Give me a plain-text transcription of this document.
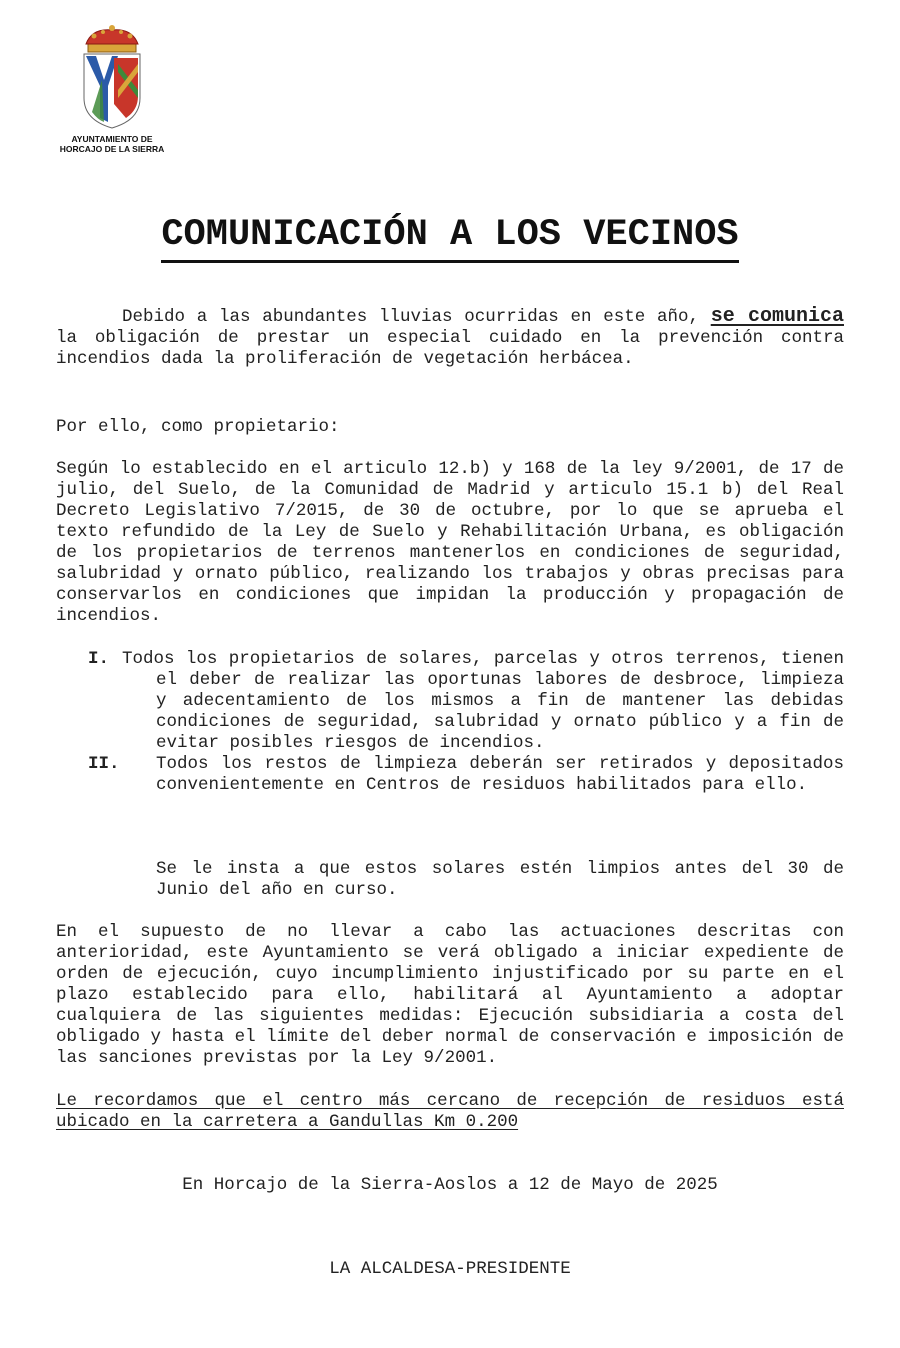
AYUNTAMIENTO DE
HORCAJO DE LA SIERRA
COMUNICACIÓN A LOS VECINOS
Debido a las abundantes lluvias ocurridas en este año, se comunica la obligación de prestar un especial cuidado en la prevención contra incendios dada la proliferación de vegetación herbácea.
Por ello, como propietario:
Según lo establecido en el articulo 12.b) y 168 de la ley 9/2001, de 17 de julio, del Suelo, de la Comunidad de Madrid y articulo 15.1 b) del Real Decreto Legislativo 7/2015, de 30 de octubre, por lo que se aprueba el texto refundido de la Ley de Suelo y Rehabilitación Urbana, es obligación de los propietarios de terrenos mantenerlos en condiciones de seguridad, salubridad y ornato público, realizando los trabajos y obras precisas para conservarlos en condiciones que impidan la producción y propagación de incendios.
I. Todos los propietarios de solares, parcelas y otros terrenos, tienen el deber de realizar las oportunas labores de desbroce, limpieza y adecentamiento de los mismos a fin de mantener las debidas condiciones de seguridad, salubridad y ornato público y a fin de evitar posibles riesgos de incendios.
II.	Todos los restos de limpieza deberán ser retirados y depositados convenientemente en Centros de residuos habilitados para ello.
Se le insta a que estos solares estén limpios antes del 30 de Junio del año en curso.
En el supuesto de no llevar a cabo las actuaciones descritas con anterioridad, este Ayuntamiento se verá obligado a iniciar expediente de orden de ejecución, cuyo incumplimiento injustificado por su parte en el plazo establecido para ello, habilitará al Ayuntamiento a adoptar cualquiera de las siguientes medidas: Ejecución subsidiaria a costa del obligado y hasta el límite del deber normal de conservación e imposición de las sanciones previstas por la Ley 9/2001.
Le recordamos que el centro más cercano de recepción de residuos está ubicado en la carretera a Gandullas Km 0.200
En Horcajo de la Sierra-Aoslos a 12 de Mayo de 2025
LA ALCALDESA-PRESIDENTE
